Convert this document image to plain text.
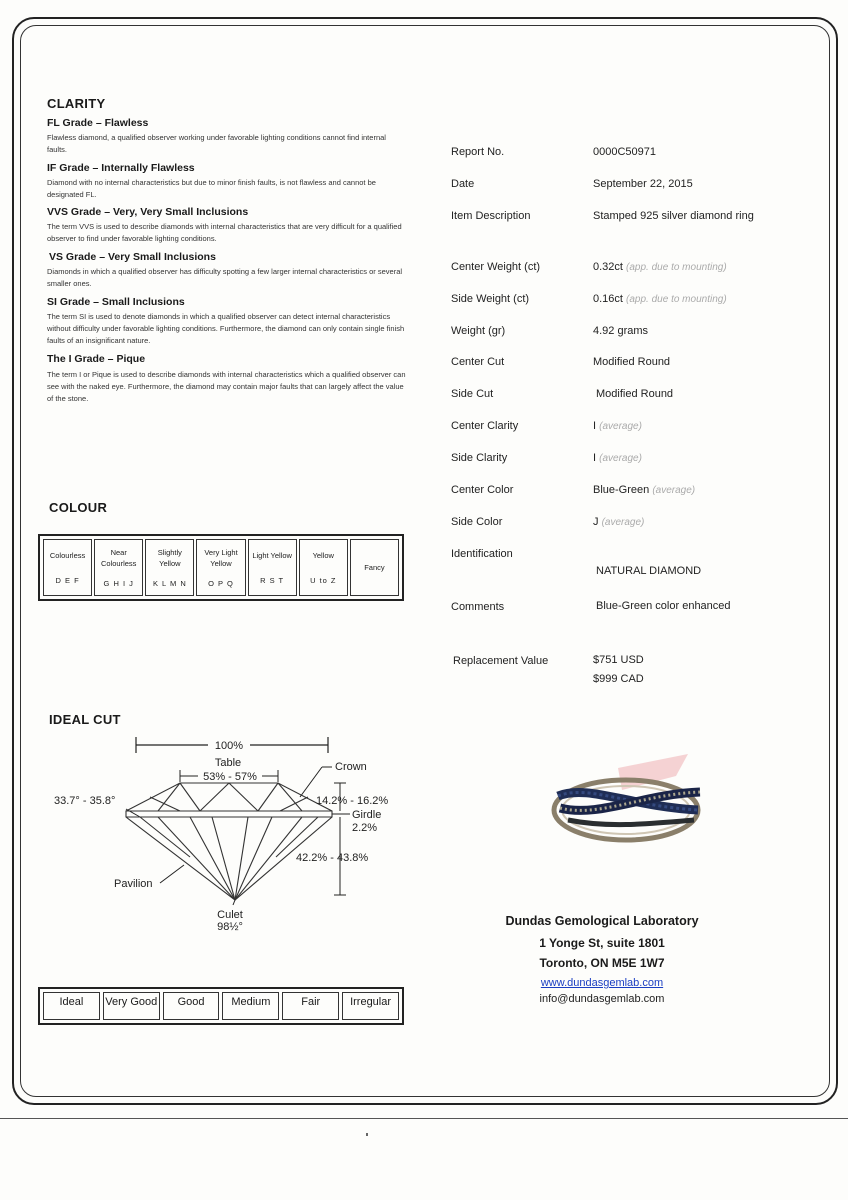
CLARITY
FL Grade – Flawless
Flawless diamond, a qualified observer working under favorable lighting conditions cannot find internal faults.
IF Grade – Internally Flawless
Diamond with no internal characteristics but due to minor finish faults, is not flawless and cannot be designated FL.
VVS Grade – Very, Very Small Inclusions
The term VVS is used to describe diamonds with internal characteristics that are very difficult for a qualified observer to find under favorable lighting conditions.
VS Grade – Very Small Inclusions
Diamonds in which a qualified observer has difficulty spotting a few larger internal characteristics or several smaller ones.
SI Grade – Small Inclusions
The term SI is used to denote diamonds in which a qualified observer can detect internal characteristics without difficulty under favorable lighting conditions. Furthermore, the diamond can only contain single finish faults of an insignificant nature.
The I Grade – Pique
The term I or Pique is used to describe diamonds with internal characteristics which a qualified observer can see with the naked eye. Furthermore, the diamond may contain major faults that can largely affect the value of the stone.
COLOUR
Colourless
D E F
Near Colourless
G H I J
Slightly Yellow
K L M N
Very Light Yellow
O P Q
Light Yellow
R S T
Yellow
U to Z
Fancy
IDEAL CUT
100%
Table
53% - 57%
Crown
33.7° - 35.8°	14.2% - 16.2%
Girdle
2.2%
42.2% - 43.8%
Pavilion
Culet
98½°
Ideal	Very Good	Good	Medium	Fair	Irregular
Report No.	0000C50971
Date	September 22, 2015
Item Description	Stamped 925 silver diamond ring
Center Weight (ct)	0.32ct (app. due to mounting)
Side Weight (ct)	0.16ct (app. due to mounting)
Weight (gr)	4.92 grams
Center Cut	Modified Round
Side Cut	Modified Round
Center Clarity	I (average)
Side Clarity	I (average)
Center Color	Blue-Green (average)
Side Color	J (average)
Identification
NATURAL DIAMOND
Comments	Blue-Green color enhanced
Replacement Value	$751 USD
$999 CAD
Dundas Gemological Laboratory
1 Yonge St, suite 1801
Toronto, ON M5E 1W7
www.dundasgemlab.com
info@dundasgemlab.com
